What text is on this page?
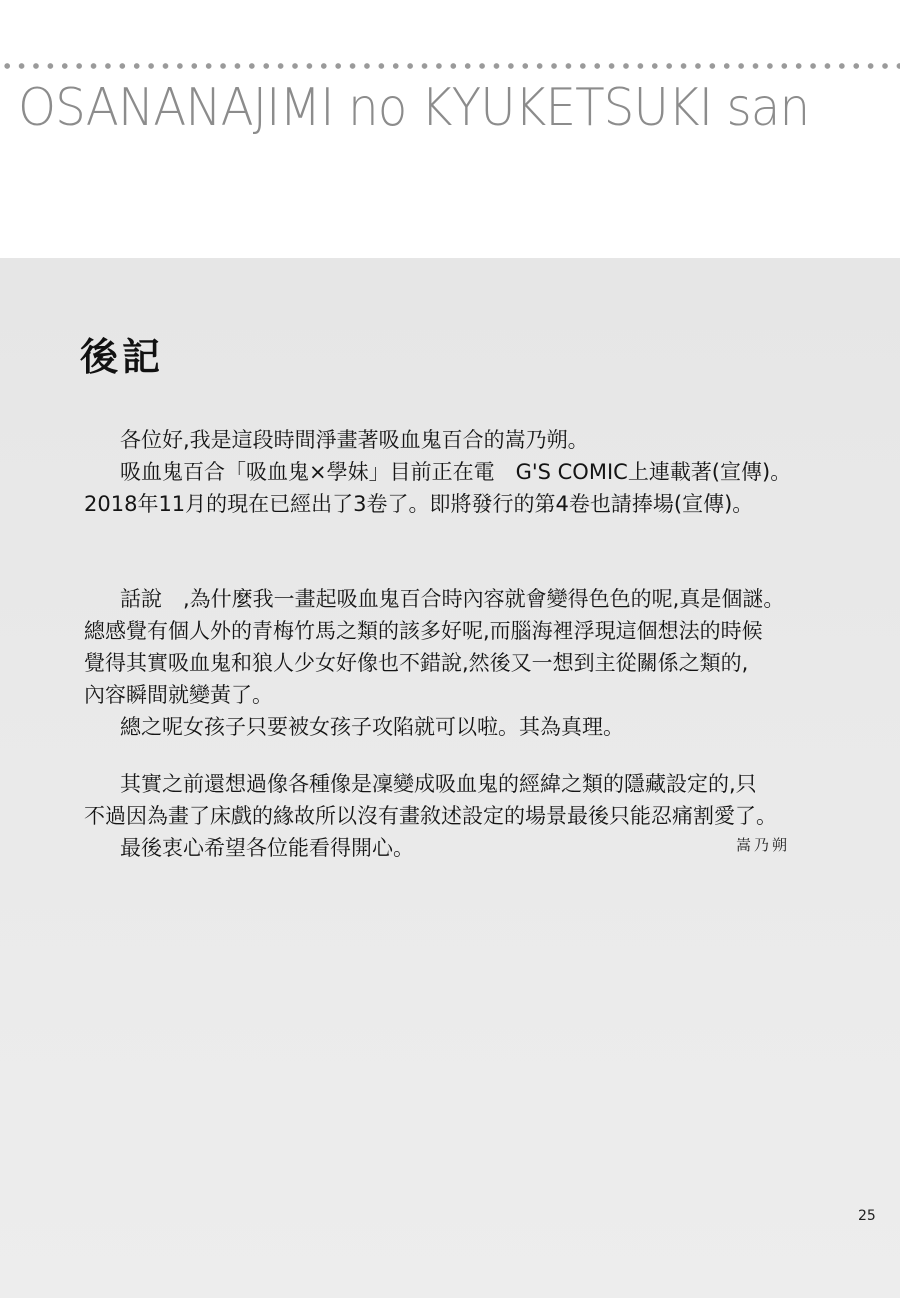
OSANANAJIMI no KYUKETSUKI san
後記

各位好,我是這段時間淨畫著吸血鬼百合的嵩乃朔。

吸血鬼百合「吸血鬼×學妹」目前正在電　G'S COMIC上連載著(宣傳)。

2018年11月的現在已經出了3卷了。即將發行的第4卷也請捧場(宣傳)。

話說　,為什麼我一畫起吸血鬼百合時內容就會變得色色的呢,真是個謎。

總感覺有個人外的青梅竹馬之類的該多好呢,而腦海裡浮現這個想法的時候

覺得其實吸血鬼和狼人少女好像也不錯說,然後又一想到主從關係之類的,

內容瞬間就變黃了。

總之呢女孩子只要被女孩子攻陷就可以啦。其為真理。

其實之前還想過像各種像是凜變成吸血鬼的經緯之類的隱藏設定的,只

不過因為畫了床戲的緣故所以沒有畫敘述設定的場景最後只能忍痛割愛了。

最後衷心希望各位能看得開心。	嵩乃朔
25
